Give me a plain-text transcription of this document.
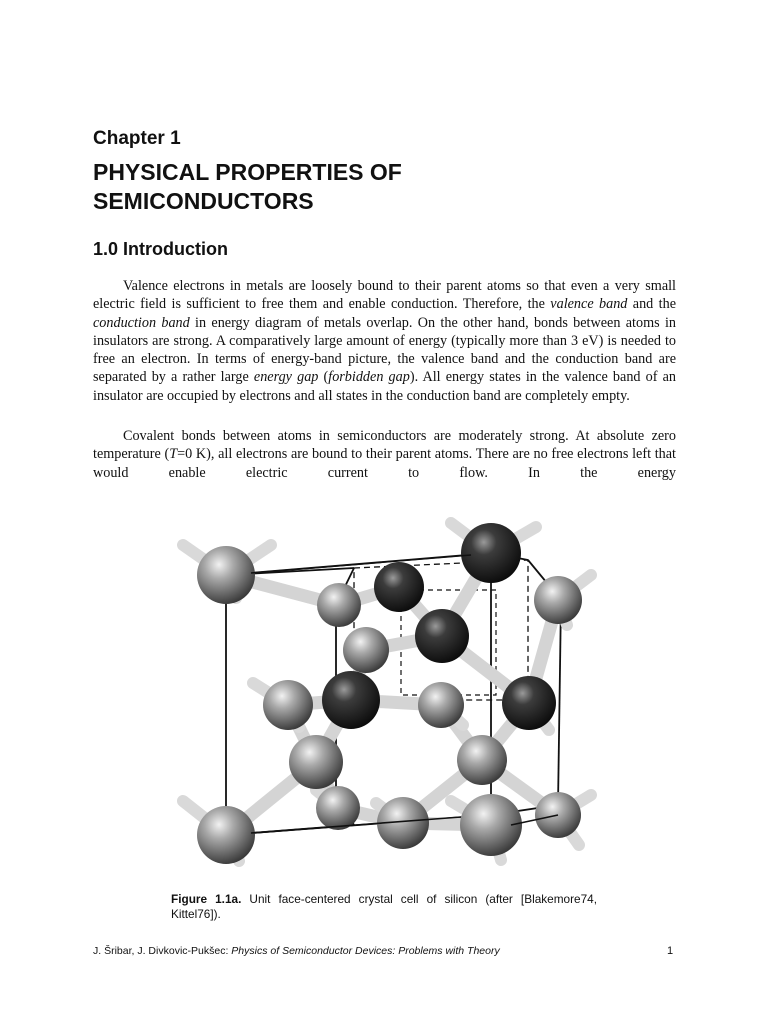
Chapter 1
PHYSICAL PROPERTIES OF
SEMICONDUCTORS
1.0 Introduction

Valence electrons in metals are loosely bound to their parent atoms so that even a very small electric field is sufficient to free them and enable conduction. Therefore, the valence band and the conduction band in energy diagram of metals overlap. On the other hand, bonds between atoms in insulators are strong. A comparatively large amount of energy (typically more than 3 eV) is needed to free an electron. In terms of energy-band picture, the valence band and the conduction band are separated by a rather large energy gap (forbidden gap). All energy states in the valence band of an insulator are occupied by electrons and all states in the conduction band are completely empty.

Covalent bonds between atoms in semiconductors are moderately strong. At absolute zero temperature (T=0 K), all electrons are bound to their parent atoms. There are no free electrons left that would enable electric current to flow. In the energy

Figure 1.1a. Unit face-centered crystal cell of silicon (after [Blakemore74, Kittel76]).
J. Šribar, J. Divkovic-Pukšec: Physics of Semiconductor Devices: Problems with Theory	1
